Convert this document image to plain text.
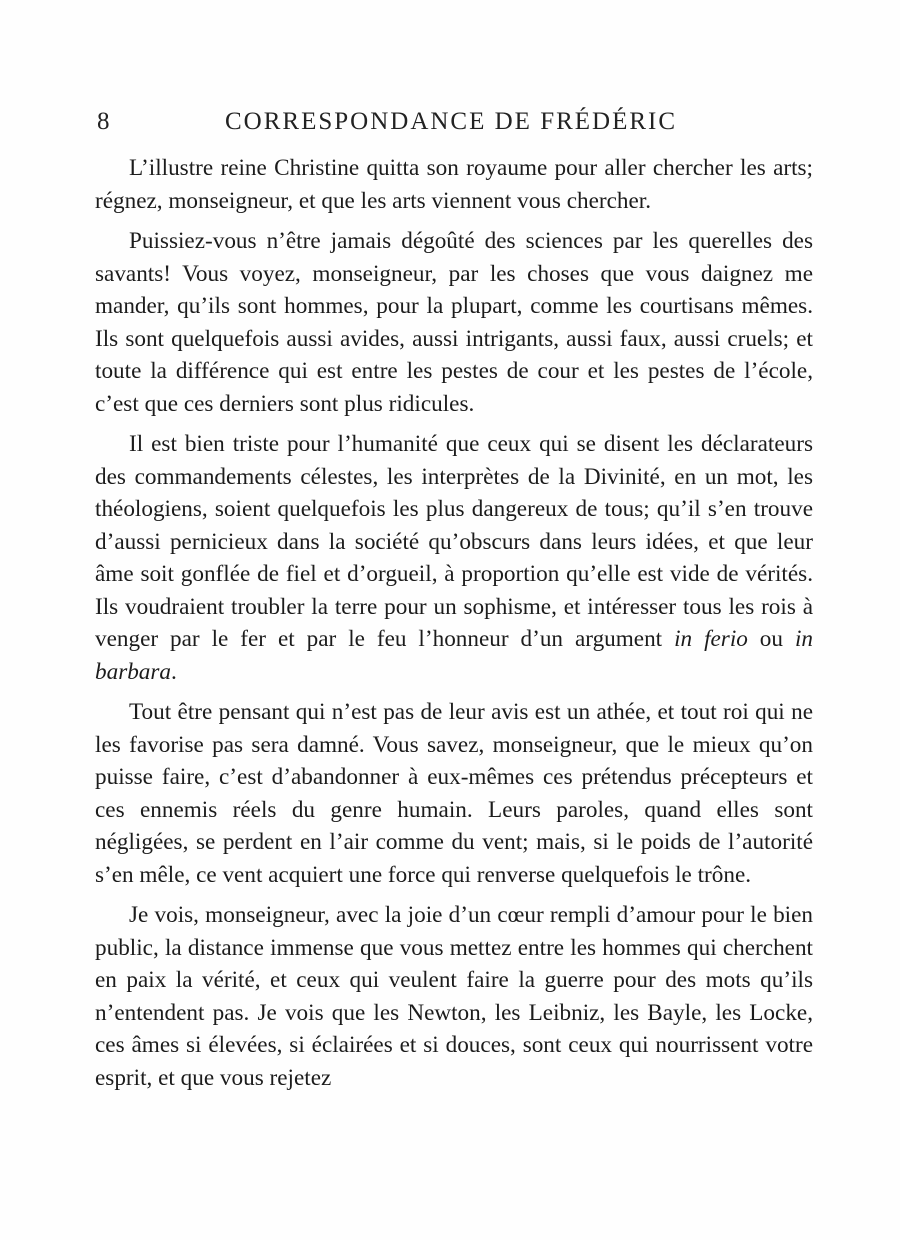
8	CORRESPONDANCE DE FRÉDÉRIC

L’illustre reine Christine quitta son royaume pour aller chercher les arts; régnez, monseigneur, et que les arts viennent vous chercher.

Puissiez-vous n’être jamais dégoûté des sciences par les querelles des savants! Vous voyez, monseigneur, par les choses que vous daignez me mander, qu’ils sont hommes, pour la plupart, comme les courtisans mêmes. Ils sont quelquefois aussi avides, aussi intrigants, aussi faux, aussi cruels; et toute la différence qui est entre les pestes de cour et les pestes de l’école, c’est que ces derniers sont plus ridicules.

Il est bien triste pour l’humanité que ceux qui se disent les déclarateurs des commandements célestes, les interprètes de la Divinité, en un mot, les théologiens, soient quelquefois les plus dangereux de tous; qu’il s’en trouve d’aussi pernicieux dans la société qu’obscurs dans leurs idées, et que leur âme soit gonflée de fiel et d’orgueil, à proportion qu’elle est vide de vérités. Ils voudraient troubler la terre pour un sophisme, et intéresser tous les rois à venger par le fer et par le feu l’honneur d’un argument in ferio ou in barbara.

Tout être pensant qui n’est pas de leur avis est un athée, et tout roi qui ne les favorise pas sera damné. Vous savez, monseigneur, que le mieux qu’on puisse faire, c’est d’abandonner à eux-mêmes ces prétendus précepteurs et ces ennemis réels du genre humain. Leurs paroles, quand elles sont négligées, se perdent en l’air comme du vent; mais, si le poids de l’autorité s’en mêle, ce vent acquiert une force qui renverse quelquefois le trône.

Je vois, monseigneur, avec la joie d’un cœur rempli d’amour pour le bien public, la distance immense que vous mettez entre les hommes qui cherchent en paix la vérité, et ceux qui veulent faire la guerre pour des mots qu’ils n’entendent pas. Je vois que les Newton, les Leibniz, les Bayle, les Locke, ces âmes si élevées, si éclairées et si douces, sont ceux qui nourrissent votre esprit, et que vous rejetez
